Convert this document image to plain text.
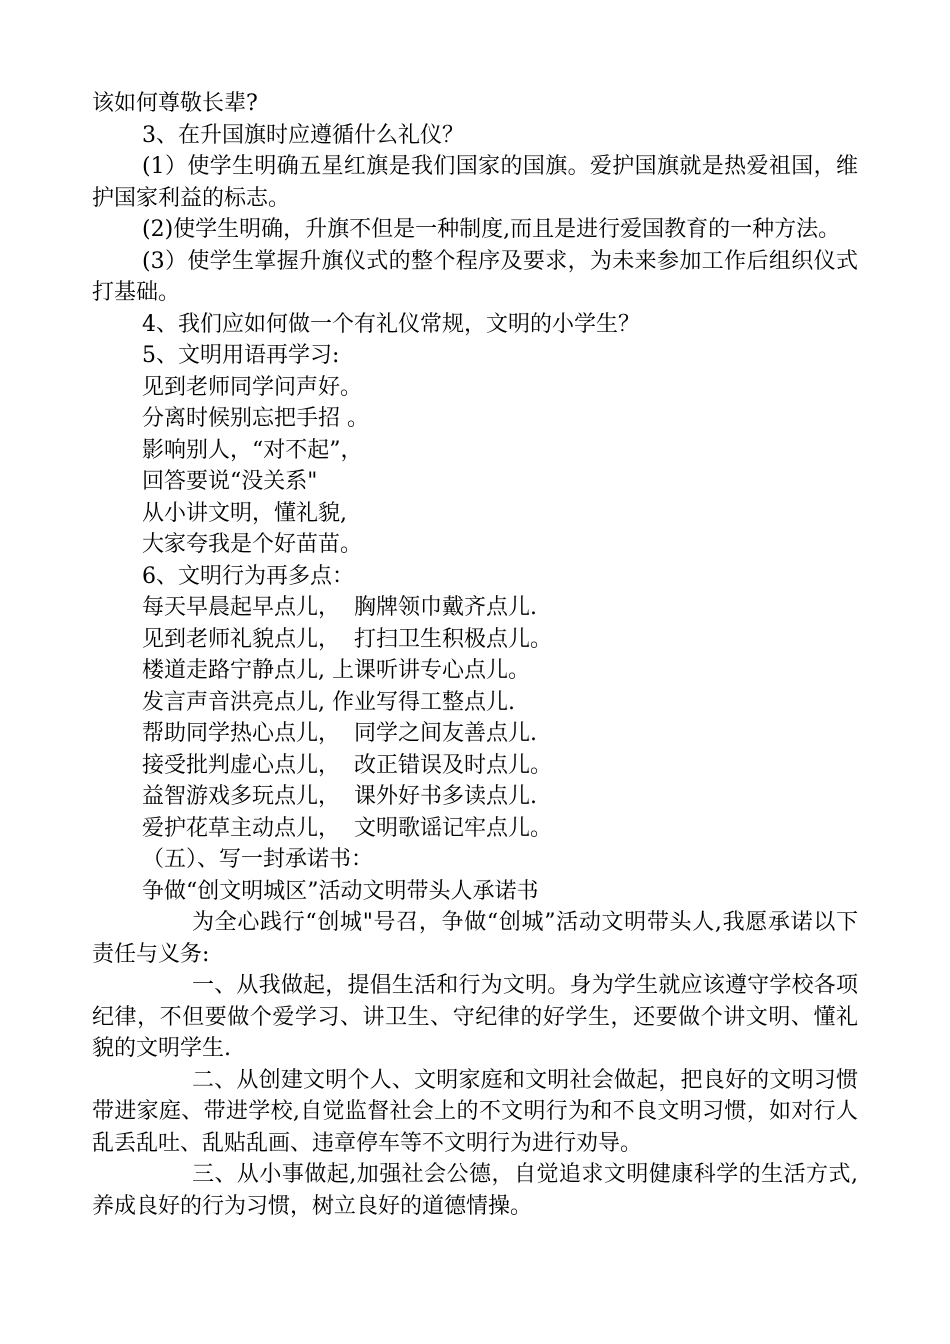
该如何尊敬长辈?

3、在升国旗时应遵循什么礼仪？

(1）使学生明确五星红旗是我们国家的国旗。爱护国旗就是热爱祖国，维护国家利益的标志。

(2)使学生明确，升旗不但是一种制度,而且是进行爱国教育的一种方法。

(3）使学生掌握升旗仪式的整个程序及要求，为未来参加工作后组织仪式打基础。

4、我们应如何做一个有礼仪常规，文明的小学生？

5、文明用语再学习:

见到老师同学问声好。

分离时候别忘把手招 。

影响别人，“对不起”，

回答要说“没关系"

从小讲文明，懂礼貌,

大家夸我是个好苗苗。

6、文明行为再多点：

每天早晨起早点儿，  胸牌领巾戴齐点儿.

见到老师礼貌点儿，  打扫卫生积极点儿。

楼道走路宁静点儿, 上课听讲专心点儿。

发言声音洪亮点儿, 作业写得工整点儿.

帮助同学热心点儿，  同学之间友善点儿.

接受批判虚心点儿，  改正错误及时点儿。

益智游戏多玩点儿，  课外好书多读点儿.

爱护花草主动点儿，  文明歌谣记牢点儿。

（五）、写一封承诺书：

争做“创文明城区”活动文明带头人承诺书

为全心践行“创城"号召，争做“创城”活动文明带头人,我愿承诺以下责任与义务:

一、从我做起，提倡生活和行为文明。身为学生就应该遵守学校各项纪律，不但要做个爱学习、讲卫生、守纪律的好学生，还要做个讲文明、懂礼貌的文明学生.

二、从创建文明个人、文明家庭和文明社会做起，把良好的文明习惯带进家庭、带进学校,自觉监督社会上的不文明行为和不良文明习惯，如对行人乱丢乱吐、乱贴乱画、违章停车等不文明行为进行劝导。

三、从小事做起,加强社会公德，自觉追求文明健康科学的生活方式,养成良好的行为习惯，树立良好的道德情操。
